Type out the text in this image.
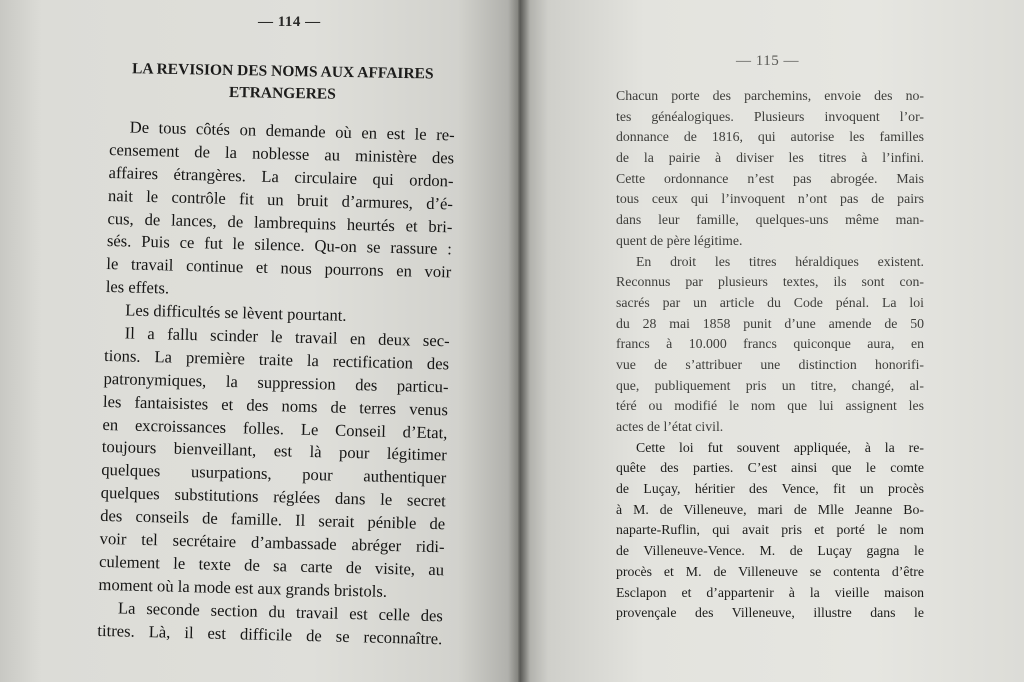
— 114 —
— 115 —
LA REVISION DES NOMS AUX AFFAIRES
ETRANGERES
De tous côtés on demande où en est le re-
censement de la noblesse au ministère des
affaires étrangères. La circulaire qui ordon-
nait le contrôle fit un bruit d’armures, d’é-
cus, de lances, de lambrequins heurtés et bri-
sés. Puis ce fut le silence. Qu-on se rassure :
le travail continue et nous pourrons en voir
les effets.
Les difficultés se lèvent pourtant.
Il a fallu scinder le travail en deux sec-
tions. La première traite la rectification des
patronymiques, la suppression des particu-
les fantaisistes et des noms de terres venus
en excroissances folles. Le Conseil d’Etat,
toujours bienveillant, est là pour légitimer
quelques usurpations, pour authentiquer
quelques substitutions réglées dans le secret
des conseils de famille. Il serait pénible de
voir tel secrétaire d’ambassade abréger ridi-
culement le texte de sa carte de visite, au
moment où la mode est aux grands bristols.
La seconde section du travail est celle des
titres. Là, il est difficile de se reconnaître.
Chacun porte des parchemins, envoie des no-
tes généalogiques. Plusieurs invoquent l’or-
donnance de 1816, qui autorise les familles
de la pairie à diviser les titres à l’infini.
Cette ordonnance n’est pas abrogée. Mais
tous ceux qui l’invoquent n’ont pas de pairs
dans leur famille, quelques-uns même man-
quent de père légitime.
En droit les titres héraldiques existent.
Reconnus par plusieurs textes, ils sont con-
sacrés par un article du Code pénal. La loi
du 28 mai 1858 punit d’une amende de 50
francs à 10.000 francs quiconque aura, en
vue de s’attribuer une distinction honorifi-
que, publiquement pris un titre, changé, al-
téré ou modifié le nom que lui assignent les
actes de l’état civil.
Cette loi fut souvent appliquée, à la re-
quête des parties. C’est ainsi que le comte
de Luçay, héritier des Vence, fit un procès
à M. de Villeneuve, mari de Mlle Jeanne Bo-
naparte-Ruflin, qui avait pris et porté le nom
de Villeneuve-Vence. M. de Luçay gagna le
procès et M. de Villeneuve se contenta d’être
Esclapon et d’appartenir à la vieille maison
provençale des Villeneuve, illustre dans le
